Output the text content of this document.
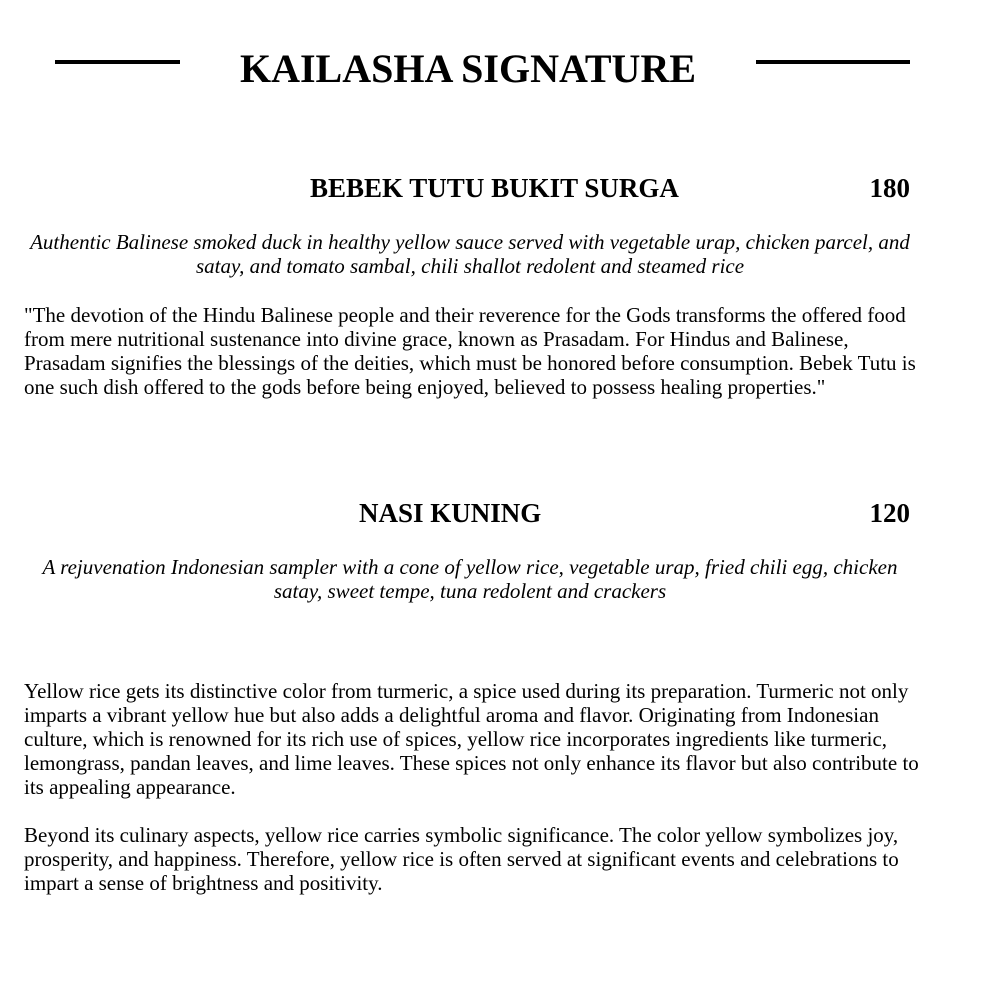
KAILASHA SIGNATURE
BEBEK TUTU BUKIT SURGA	180
Authentic Balinese smoked duck in healthy yellow sauce served with vegetable urap, chicken parcel, and satay, and tomato sambal, chili shallot redolent and steamed rice

"The devotion of the Hindu Balinese people and their reverence for the Gods transforms the offered food from mere nutritional sustenance into divine grace, known as Prasadam. For Hindus and Balinese, Prasadam signifies the blessings of the deities, which must be honored before consumption. Bebek Tutu is one such dish offered to the gods before being enjoyed, believed to possess healing properties."

NASI KUNING	120
A rejuvenation Indonesian sampler with a cone of yellow rice, vegetable urap, fried chili egg, chicken satay, sweet tempe, tuna redolent and crackers

Yellow rice gets its distinctive color from turmeric, a spice used during its preparation. Turmeric not only imparts a vibrant yellow hue but also adds a delightful aroma and flavor. Originating from Indonesian culture, which is renowned for its rich use of spices, yellow rice incorporates ingredients like turmeric, lemongrass, pandan leaves, and lime leaves. These spices not only enhance its flavor but also contribute to its appealing appearance.

Beyond its culinary aspects, yellow rice carries symbolic significance. The color yellow symbolizes joy, prosperity, and happiness. Therefore, yellow rice is often served at significant events and celebrations to impart a sense of brightness and positivity.
